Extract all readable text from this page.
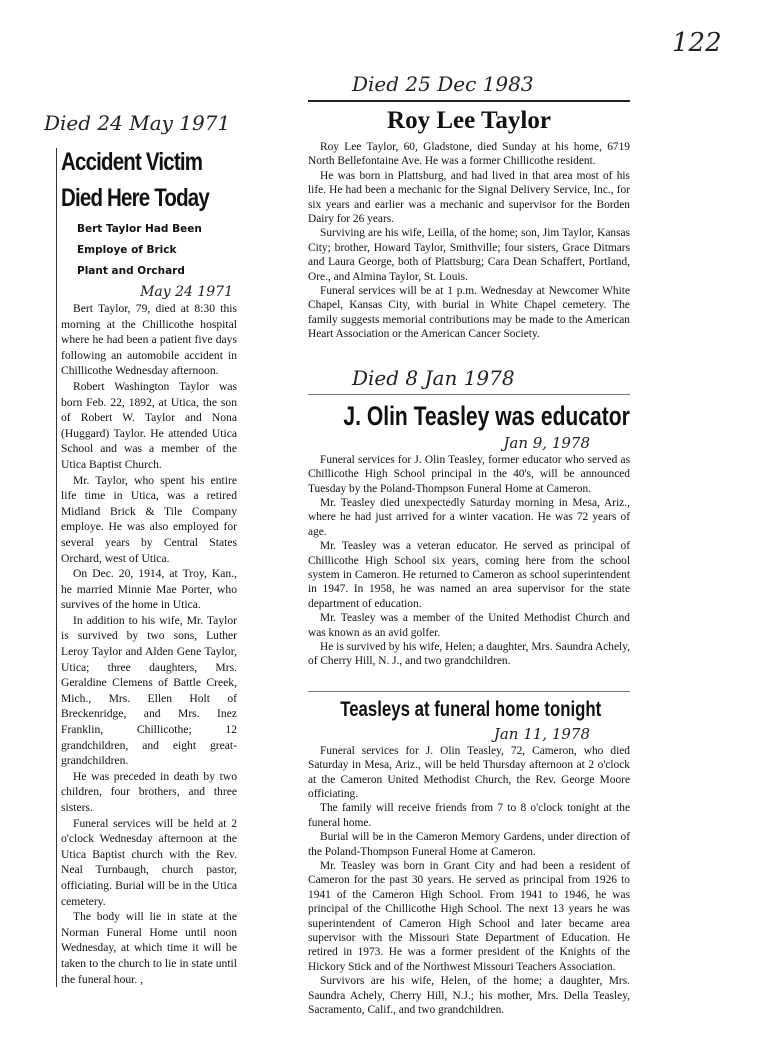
122
Died 24 May 1971
Accident Victim
Died Here Today
Bert Taylor Had Been
Employe of Brick
Plant and Orchard
May 24 1971

Bert Taylor, 79, died at 8:30 this morning at the Chillicothe hospital where he had been a patient five days following an automobile accident in Chillicothe Wednesday afternoon.

Robert Washington Taylor was born Feb. 22, 1892, at Utica, the son of Robert W. Taylor and Nona (Huggard) Taylor. He attended Utica School and was a member of the Utica Baptist Church.

Mr. Taylor, who spent his entire life time in Utica, was a retired Midland Brick & Tile Company employe. He was also employed for several years by Central States Orchard, west of Utica.

On Dec. 20, 1914, at Troy, Kan., he married Minnie Mae Porter, who survives of the home in Utica.

In addition to his wife, Mr. Taylor is survived by two sons, Luther Leroy Taylor and Alden Gene Taylor, Utica; three daughters, Mrs. Geraldine Clemens of Battle Creek, Mich., Mrs. Ellen Holt of Breckenridge, and Mrs. Inez Franklin, Chillicothe; 12 grandchildren, and eight great-grandchildren.

He was preceded in death by two children, four brothers, and three sisters.

Funeral services will be held at 2 o'clock Wednesday afternoon at the Utica Baptist church with the Rev. Neal Turnbaugh, church pastor, officiating. Burial will be in the Utica cemetery.

The body will lie in state at the Norman Funeral Home until noon Wednesday, at which time it will be taken to the church to lie in state until the funeral hour. ,

Died 25 Dec 1983
Roy Lee Taylor

Roy Lee Taylor, 60, Gladstone, died Sunday at his home, 6719 North Bellefontaine Ave. He was a former Chillicothe resident.

He was born in Plattsburg, and had lived in that area most of his life. He had been a mechanic for the Signal Delivery Service, Inc., for six years and earlier was a mechanic and supervisor for the Borden Dairy for 26 years.

Surviving are his wife, Leilla, of the home; son, Jim Taylor, Kansas City; brother, Howard Taylor, Smithville; four sisters, Grace Ditmars and Laura George, both of Plattsburg; Cara Dean Schaffert, Portland, Ore., and Almina Taylor, St. Louis.

Funeral services will be at 1 p.m. Wednesday at Newcomer White Chapel, Kansas City, with burial in White Chapel cemetery. The family suggests memorial contributions may be made to the American Heart Association or the American Cancer Society.

Died 8 Jan 1978
J. Olin Teasley was educator
Jan 9, 1978

Funeral services for J. Olin Teasley, former educator who served as Chillicothe High School principal in the 40's, will be announced Tuesday by the Poland-Thompson Funeral Home at Cameron.

Mr. Teasley died unexpectedly Saturday morning in Mesa, Ariz., where he had just arrived for a winter vacation. He was 72 years of age.

Mr. Teasley was a veteran educator. He served as principal of Chillicothe High School six years, coming here from the school system in Cameron. He returned to Cameron as school superintendent in 1947. In 1958, he was named an area supervisor for the state department of education.

Mr. Teasley was a member of the United Methodist Church and was known as an avid golfer.

He is survived by his wife, Helen; a daughter, Mrs. Saundra Achely, of Cherry Hill, N. J., and two grandchildren.

Teasleys at funeral home tonight
Jan 11, 1978

Funeral services for J. Olin Teasley, 72, Cameron, who died Saturday in Mesa, Ariz., will be held Thursday afternoon at 2 o'clock at the Cameron United Methodist Church, the Rev. George Moore officiating.

The family will receive friends from 7 to 8 o'clock tonight at the funeral home.

Burial will be in the Cameron Memory Gardens, under direction of the Poland-Thompson Funeral Home at Cameron.

Mr. Teasley was born in Grant City and had been a resident of Cameron for the past 30 years. He served as principal from 1926 to 1941 of the Cameron High School. From 1941 to 1946, he was principal of the Chillicothe High School. The next 13 years he was superintendent of Cameron High School and later became area supervisor with the Missouri State Department of Education. He retired in 1973. He was a former president of the Knights of the Hickory Stick and of the Northwest Missouri Teachers Association.

Survivors are his wife, Helen, of the home; a daughter, Mrs. Saundra Achely, Cherry Hill, N.J.; his mother, Mrs. Della Teasley, Sacramento, Calif., and two grandchildren.
